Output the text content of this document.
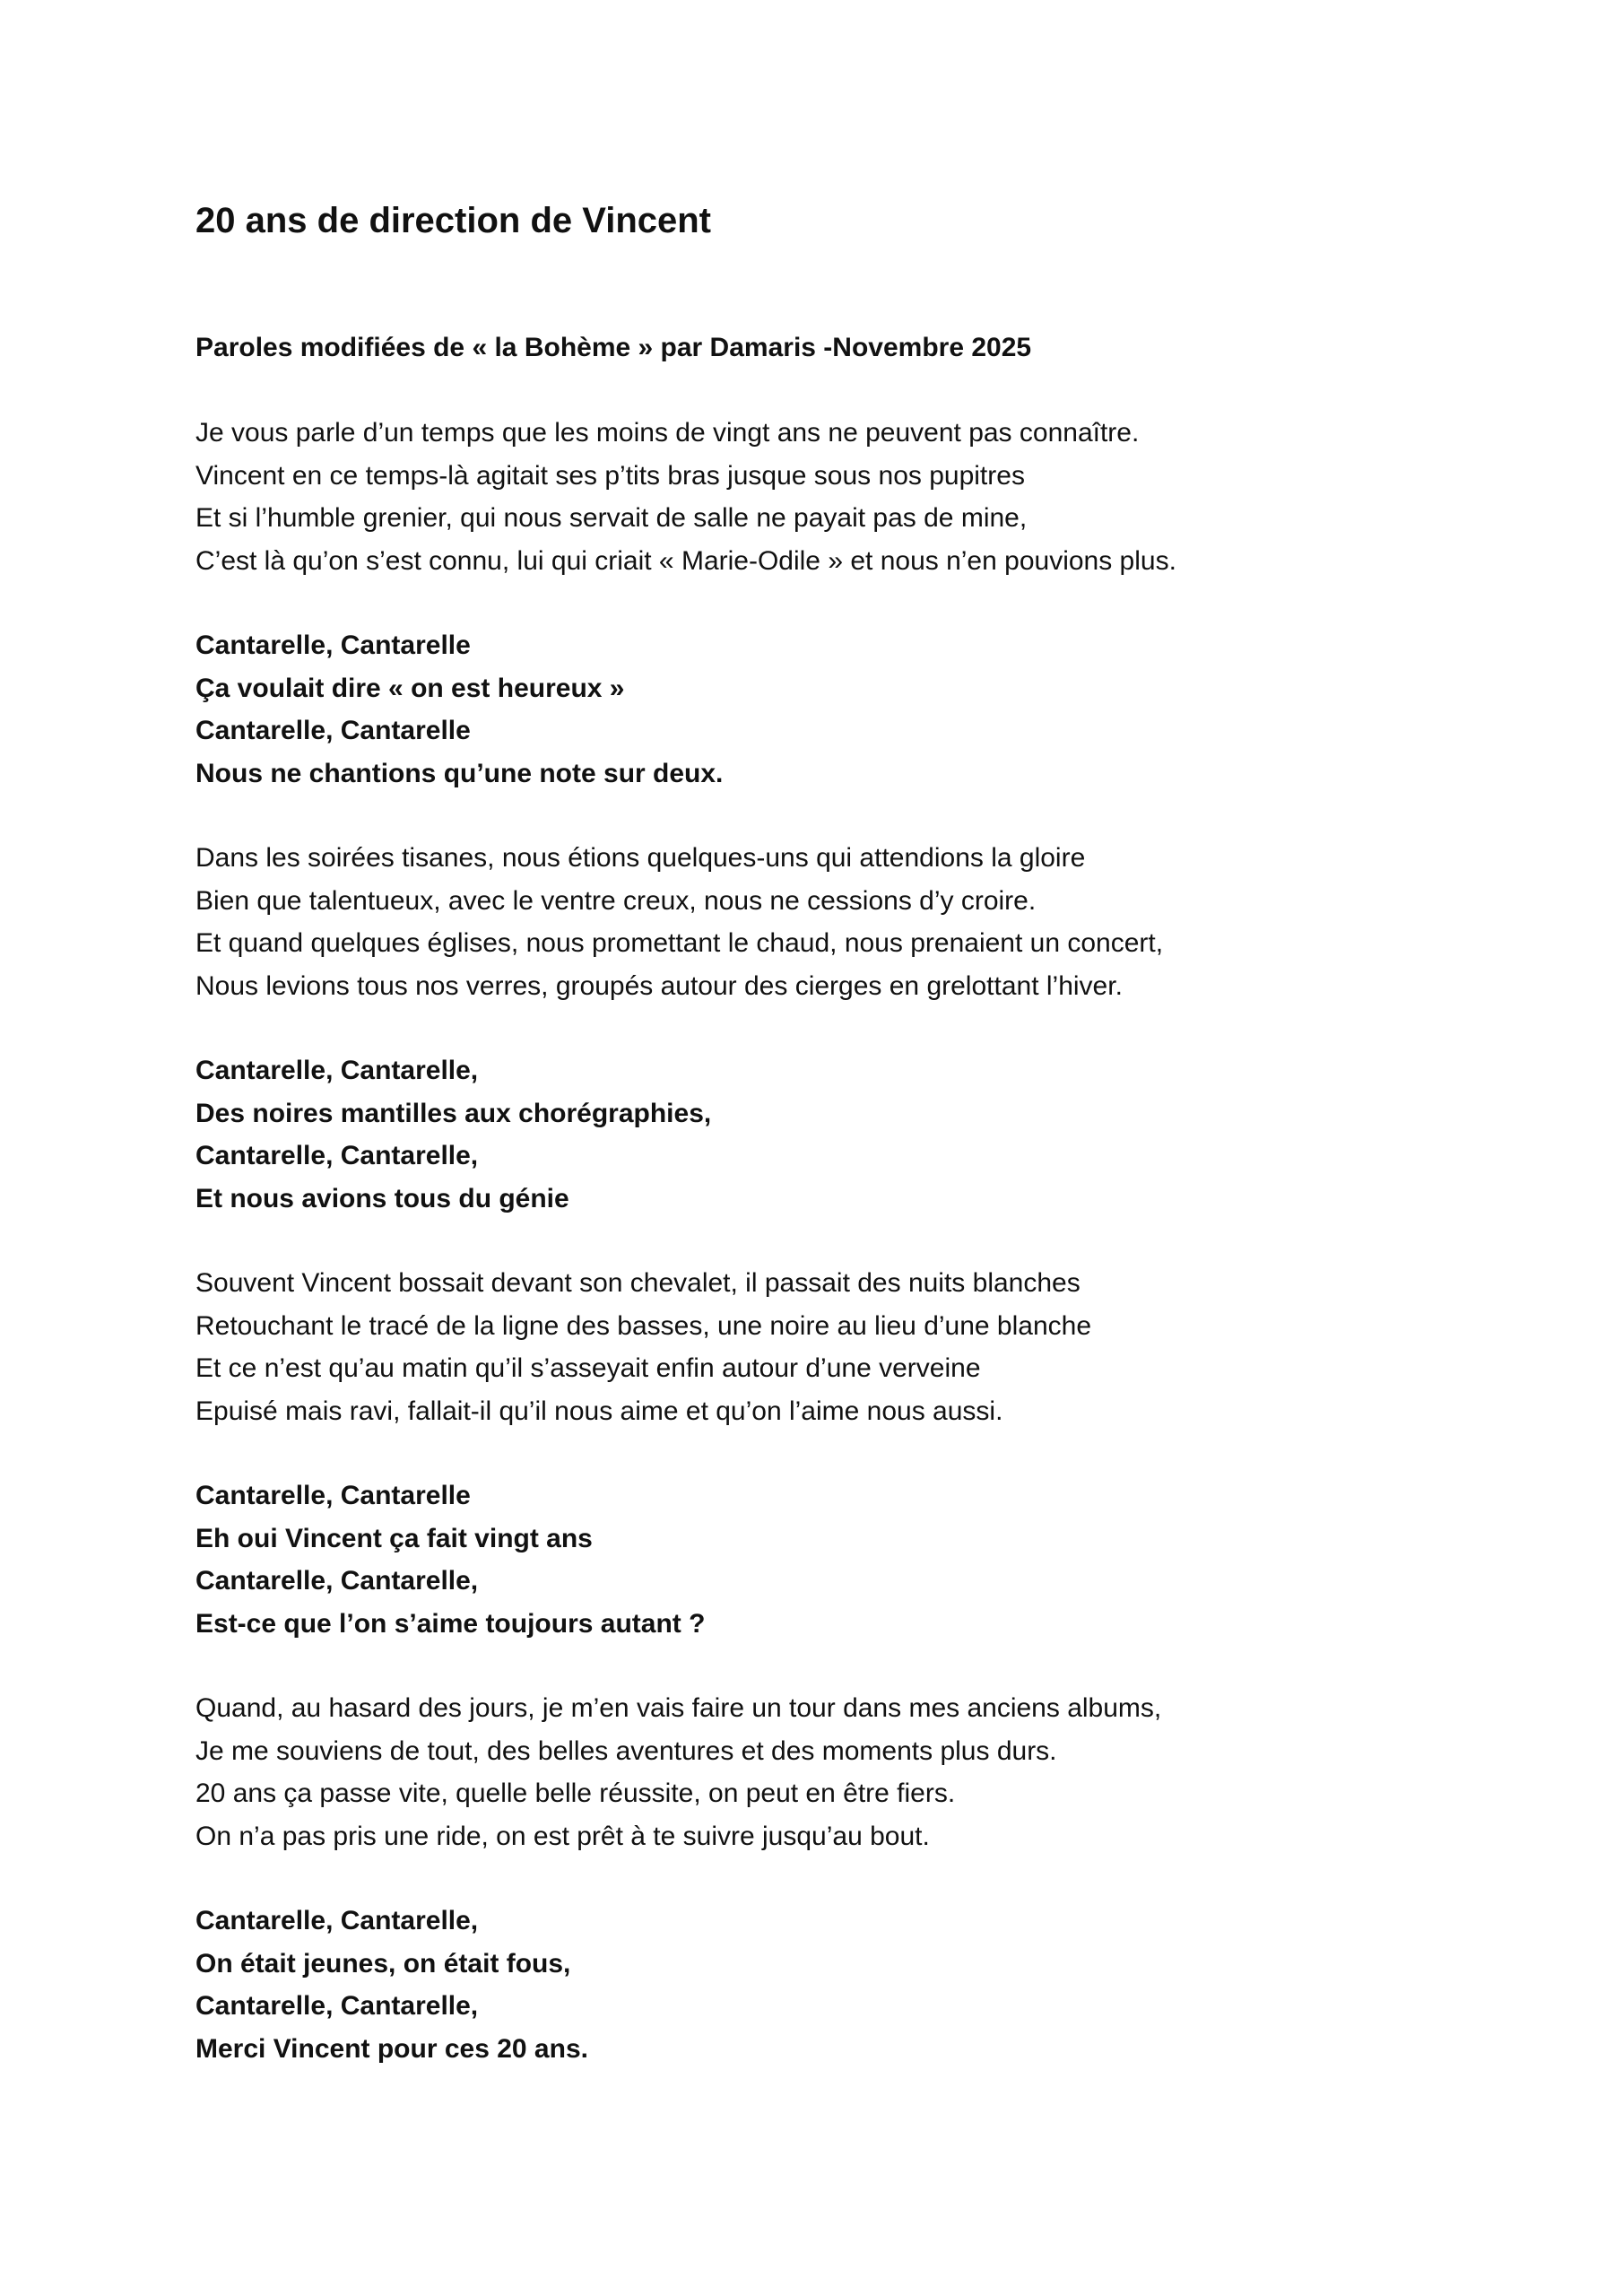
20 ans de direction de Vincent

Paroles modifiées de « la Bohème » par Damaris -Novembre 2025

Je vous parle d’un temps que les moins de vingt ans ne peuvent pas connaître.
Vincent en ce temps-là agitait ses p’tits bras jusque sous nos pupitres
Et si l’humble grenier, qui nous servait de salle ne payait pas de mine,
C’est là qu’on s’est connu, lui qui criait « Marie-Odile » et nous n’en pouvions plus.
Cantarelle, Cantarelle
Ça voulait dire « on est heureux »
Cantarelle, Cantarelle
Nous ne chantions qu’une note sur deux.
Dans les soirées tisanes, nous étions quelques-uns qui attendions la gloire
Bien que talentueux, avec le ventre creux, nous ne cessions d’y croire.
Et quand quelques églises, nous promettant le chaud, nous prenaient un concert,
Nous levions tous nos verres, groupés autour des cierges en grelottant l’hiver.
Cantarelle, Cantarelle,
Des noires mantilles aux chorégraphies,
Cantarelle, Cantarelle,
Et nous avions tous du génie
Souvent Vincent bossait devant son chevalet, il passait des nuits blanches
Retouchant le tracé de la ligne des basses, une noire au lieu d’une blanche
Et ce n’est qu’au matin qu’il s’asseyait enfin autour d’une verveine
Epuisé mais ravi, fallait-il qu’il nous aime et qu’on l’aime nous aussi.
Cantarelle, Cantarelle
Eh oui Vincent ça fait vingt ans
Cantarelle, Cantarelle,
Est-ce que l’on s’aime toujours autant ?
Quand, au hasard des jours, je m’en vais faire un tour dans mes anciens albums,
Je me souviens de tout, des belles aventures et des moments plus durs.
20 ans ça passe vite, quelle belle réussite, on peut en être fiers.
On n’a pas pris une ride, on est prêt à te suivre jusqu’au bout.
Cantarelle, Cantarelle,
On était jeunes, on était fous,
Cantarelle, Cantarelle,
Merci Vincent pour ces 20 ans.
